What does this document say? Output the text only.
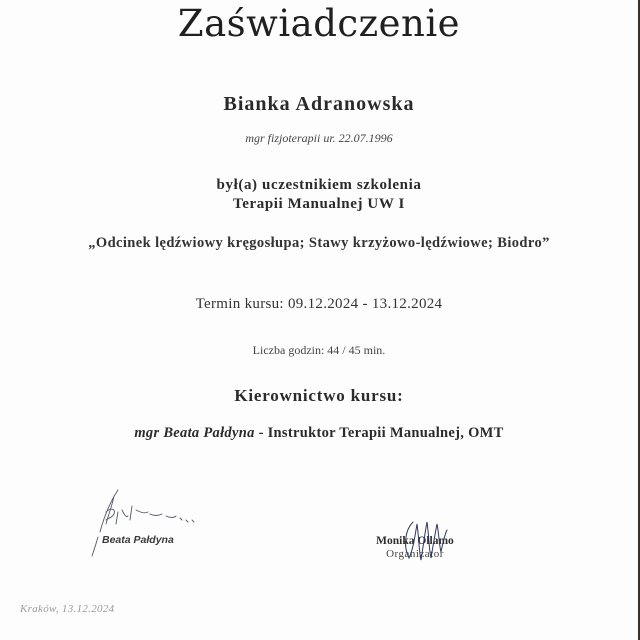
Zaświadczenie
Bianka Adranowska
mgr fizjoterapii ur. 22.07.1996
był(a) uczestnikiem szkolenia
Terapii Manualnej UW I
„Odcinek lędźwiowy kręgosłupa; Stawy krzyżowo-lędźwiowe; Biodro”
Termin kursu: 09.12.2024 - 13.12.2024
Liczba godzin: 44 / 45 min.
Kierownictwo kursu:
mgr Beata Pałdyna - Instruktor Terapii Manualnej, OMT
Beata Pałdyna	Monika Ollamo
Organizator
Kraków, 13.12.2024
